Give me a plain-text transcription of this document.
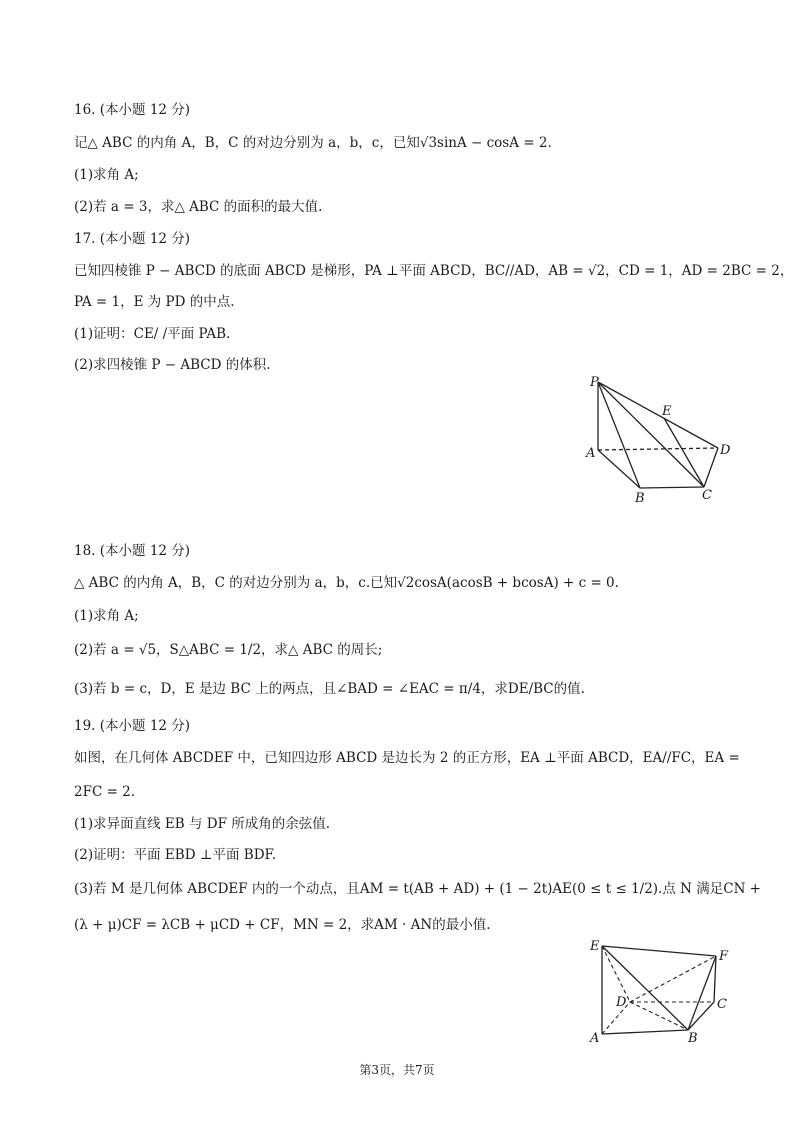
16. (本小题 12 分)
记△ ABC 的内角 A，B，C 的对边分别为 a，b，c，已知√3sinA − cosA = 2．
(1)求角 A;
(2)若 a = 3，求△ ABC 的面积的最大值.
17. (本小题 12 分)
已知四棱锥 P − ABCD 的底面 ABCD 是梯形，PA ⊥平面 ABCD，BC//AD，AB = √2，CD = 1，AD = 2BC = 2，
PA = 1，E 为 PD 的中点.
(1)证明：CE/ /平面 PAB.
(2)求四棱锥 P − ABCD 的体积.
P
E
D
A
B	C
18. (本小题 12 分)
△ ABC 的内角 A，B，C 的对边分别为 a，b，c.已知√2cosA(acosB + bcosA) + c = 0.
(1)求角 A;
(2)若 a = √5，S△ABC = 1/2，求△ ABC 的周长;
(3)若 b = c，D，E 是边 BC 上的两点，且∠BAD = ∠EAC = π/4，求DE/BC的值.
19. (本小题 12 分)
如图，在几何体 ABCDEF 中，已知四边形 ABCD 是边长为 2 的正方形，EA ⊥平面 ABCD，EA//FC，EA =
2FC = 2.
(1)求异面直线 EB 与 DF 所成角的余弦值.
(2)证明：平面 EBD ⊥平面 BDF.
(3)若 M 是几何体 ABCDEF 内的一个动点，且AM = t(AB + AD) + (1 − 2t)AE(0 ≤ t ≤ 1/2).点 N 满足CN +
(λ + μ)CF = λCB + μCD + CF，MN = 2，求AM · AN的最小值.
E
F
D	C
A	B
第3页，共7页
